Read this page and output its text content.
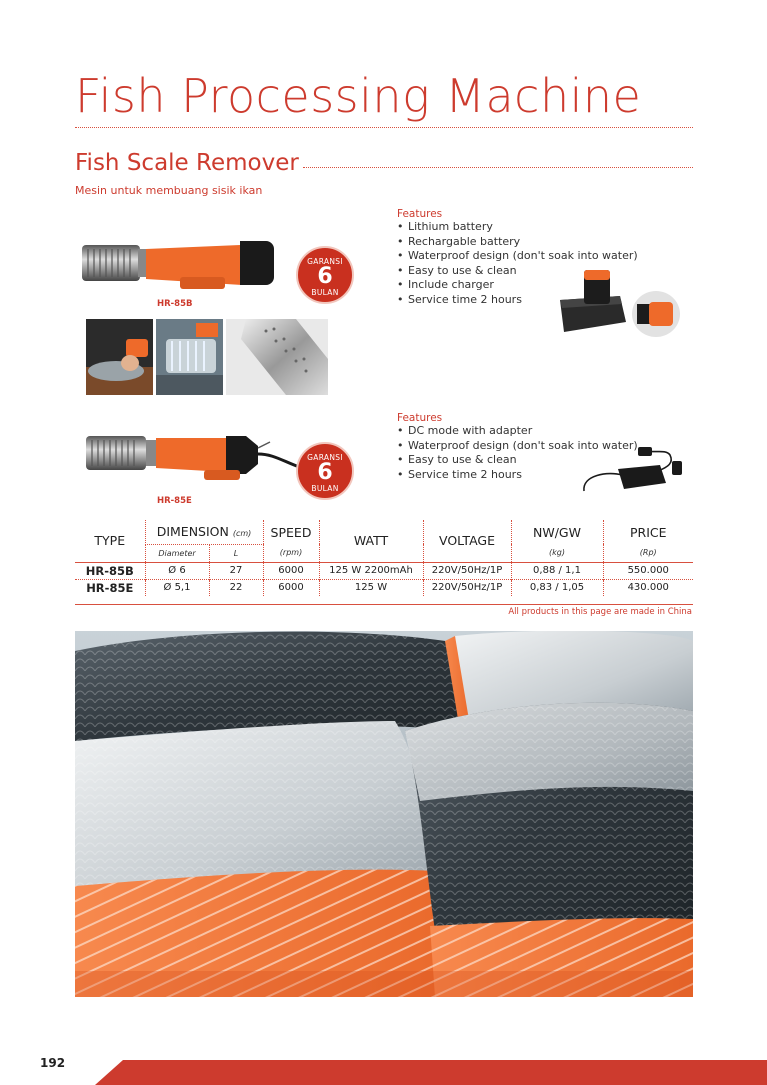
Fish Processing Machine
Fish Scale Remover
Mesin untuk membuang sisik ikan
HR-85B
GARANSI
6
BULAN
Features
• Lithium battery
• Rechargable battery
• Waterproof design (don't soak into water)
• Easy to use & clean
• Include charger
• Service time 2 hours
HR-85E
GARANSI
6
BULAN
Features
• DC mode with adapter
• Waterproof design (don't soak into water)
• Easy to use & clean
• Service time 2 hours
TYPE	DIMENSION (cm)		SPEED	WATT	VOLTAGE	NW/GW	PRICE
	Diameter	L	(rpm)			(kg)	(Rp)
HR-85B	Ø 6	27	6000	125 W 2200mAh	220V/50Hz/1P	0,88 / 1,1	550.000
HR-85E	Ø 5,1	22	6000	125 W	220V/50Hz/1P	0,83 / 1,05	430.000
All products in this page are made in China
192
